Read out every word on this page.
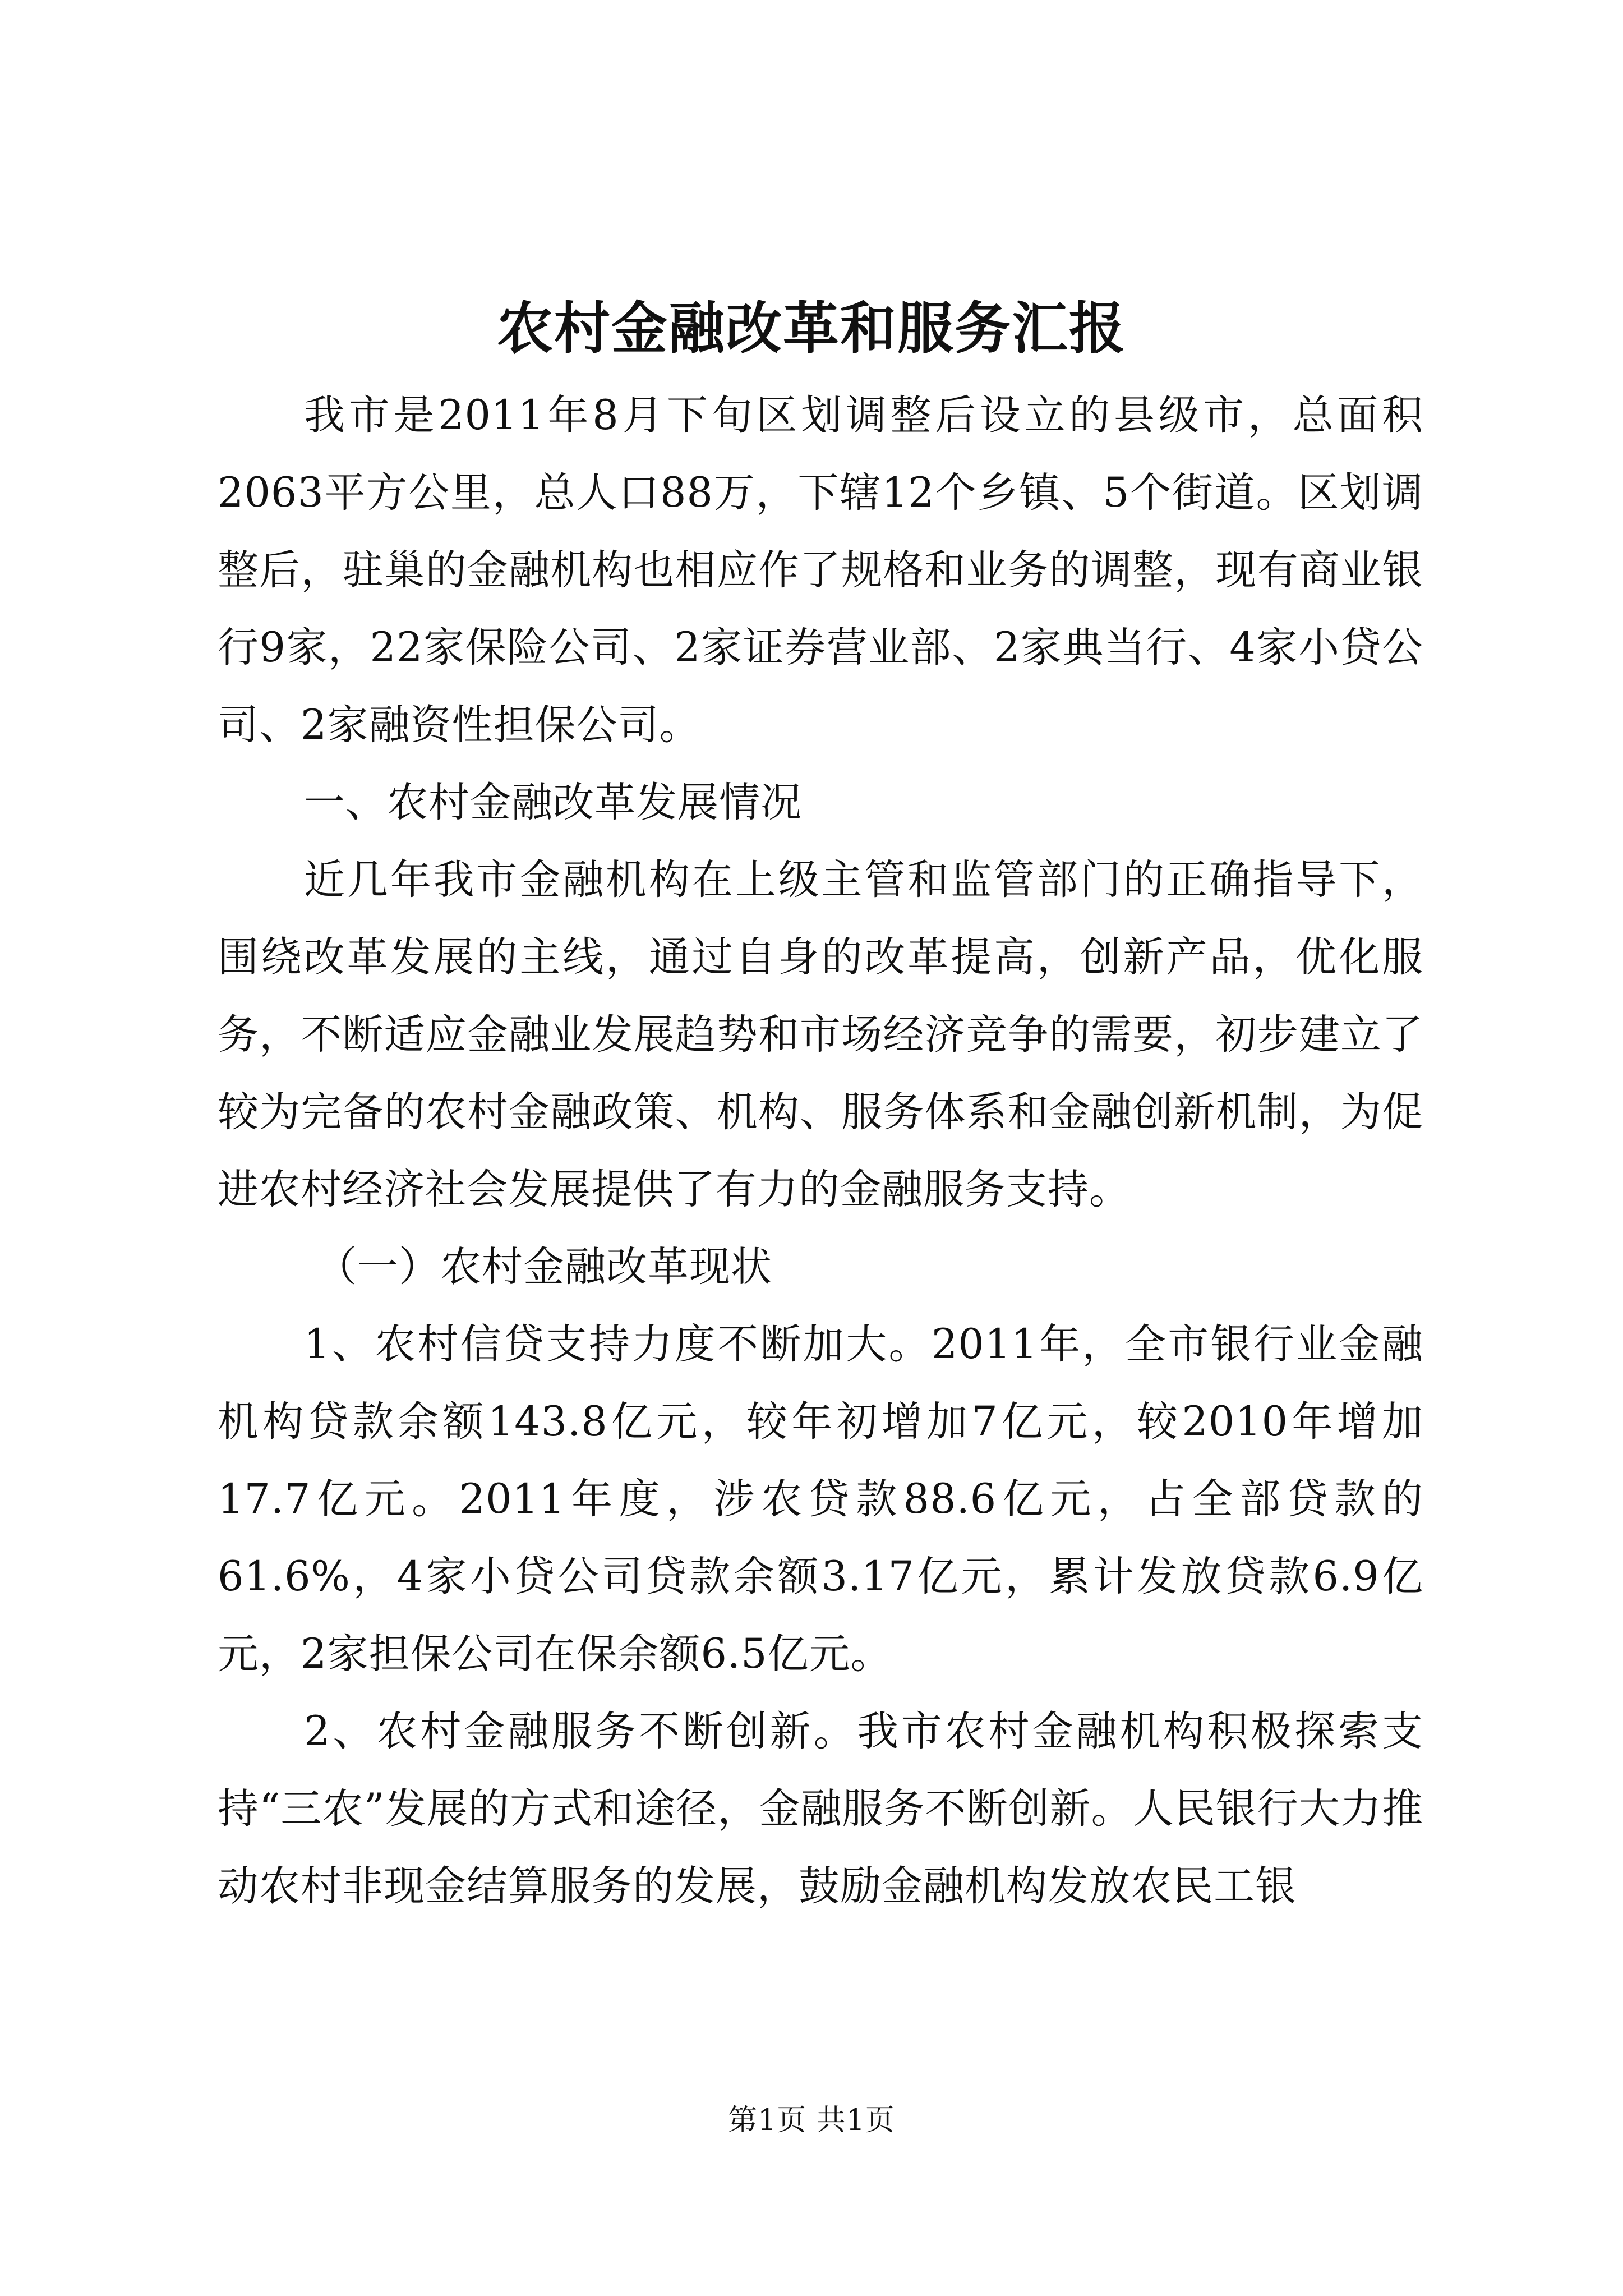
农村金融改革和服务汇报

我市是2011年8月下旬区划调整后设立的县级市，总面积2063平方公里，总人口88万，下辖12个乡镇、5个街道。区划调整后，驻巢的金融机构也相应作了规格和业务的调整，现有商业银行9家，22家保险公司、2家证券营业部、2家典当行、4家小贷公司、2家融资性担保公司。

一、农村金融改革发展情况

近几年我市金融机构在上级主管和监管部门的正确指导下，围绕改革发展的主线，通过自身的改革提高，创新产品，优化服务，不断适应金融业发展趋势和市场经济竞争的需要，初步建立了较为完备的农村金融政策、机构、服务体系和金融创新机制，为促进农村经济社会发展提供了有力的金融服务支持。

（一）农村金融改革现状

1、农村信贷支持力度不断加大。2011年，全市银行业金融机构贷款余额143.8亿元，较年初增加7亿元，较2010年增加17.7亿元。2011年度，涉农贷款88.6亿元，占全部贷款的61.6%，4家小贷公司贷款余额3.17亿元，累计发放贷款6.9亿元，2家担保公司在保余额6.5亿元。

2、农村金融服务不断创新。我市农村金融机构积极探索支持“三农”发展的方式和途径，金融服务不断创新。人民银行大力推动农村非现金结算服务的发展，鼓励金融机构发放农民工银

第1页 共1页
